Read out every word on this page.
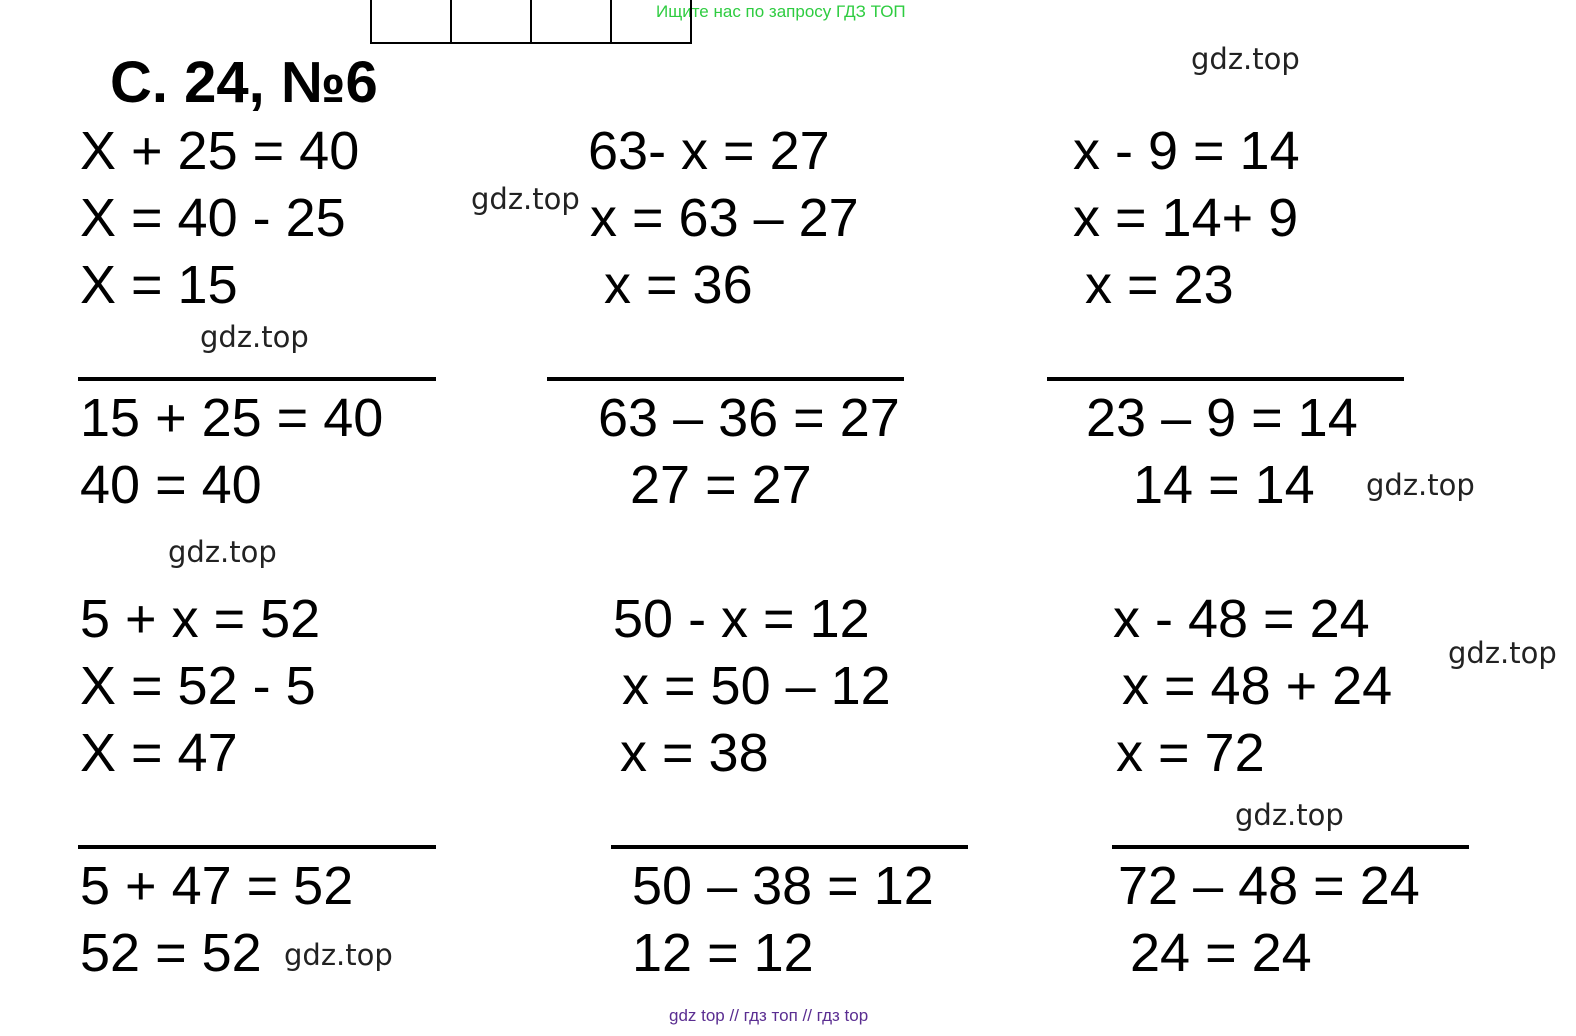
Ищите нас по запросу ГДЗ ТОП
С. 24, №6	gdz.top
gdz.top
gdz.top
gdz.top
gdz.top
gdz.top
gdz.top
gdz.top
X + 25 = 40
X = 40 - 25
X = 15
15 + 25 = 40
40 = 40
63- x = 27
x = 63 – 27
x = 36
63 – 36 = 27
27 = 27
x - 9 = 14
x = 14+ 9
x = 23
23 – 9 = 14
14 = 14
5 + x = 52
X = 52 - 5
X = 47
5 + 47 = 52
52 = 52
50 - x = 12
x = 50 – 12
x = 38
50 – 38 = 12
12 = 12
x - 48 = 24
x = 48 + 24
x = 72
72 – 48 = 24
24 = 24
gdz top // гдз топ // гдз top
